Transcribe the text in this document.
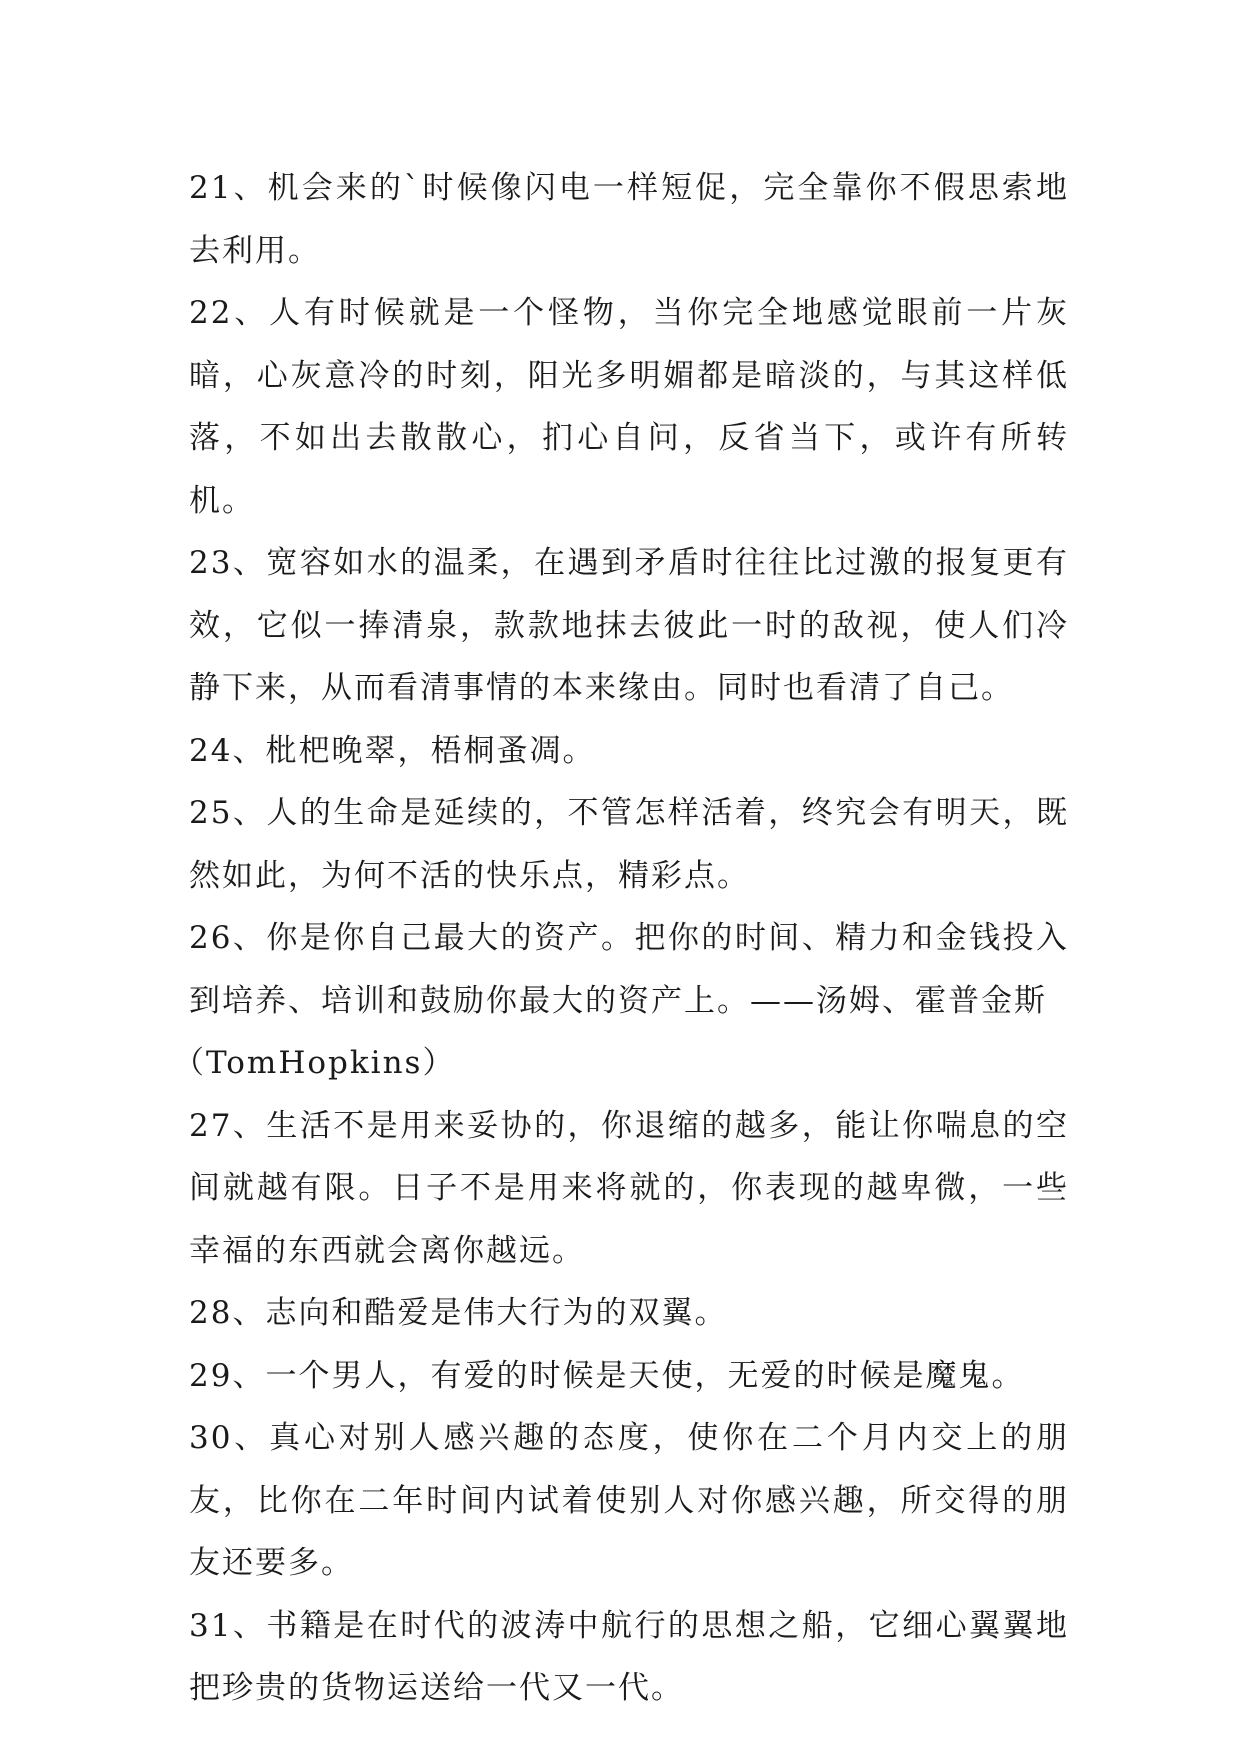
21、机会来的`时候像闪电一样短促，完全靠你不假思索地去利用。

22、人有时候就是一个怪物，当你完全地感觉眼前一片灰暗，心灰意冷的时刻，阳光多明媚都是暗淡的，与其这样低落，不如出去散散心，扪心自问，反省当下，或许有所转机。

23、宽容如水的温柔，在遇到矛盾时往往比过激的报复更有效，它似一捧清泉，款款地抹去彼此一时的敌视，使人们冷静下来，从而看清事情的本来缘由。同时也看清了自己。

24、枇杷晚翠，梧桐蚤凋。

25、人的生命是延续的，不管怎样活着，终究会有明天，既然如此，为何不活的快乐点，精彩点。

26、你是你自己最大的资产。把你的时间、精力和金钱投入到培养、培训和鼓励你最大的资产上。——汤姆、霍普金斯

（TomHopkins）

27、生活不是用来妥协的，你退缩的越多，能让你喘息的空间就越有限。日子不是用来将就的，你表现的越卑微，一些幸福的东西就会离你越远。

28、志向和酷爱是伟大行为的双翼。

29、一个男人，有爱的时候是天使，无爱的时候是魔鬼。

30、真心对别人感兴趣的态度，使你在二个月内交上的朋友，比你在二年时间内试着使别人对你感兴趣，所交得的朋友还要多。

31、书籍是在时代的波涛中航行的思想之船，它细心翼翼地把珍贵的货物运送给一代又一代。
